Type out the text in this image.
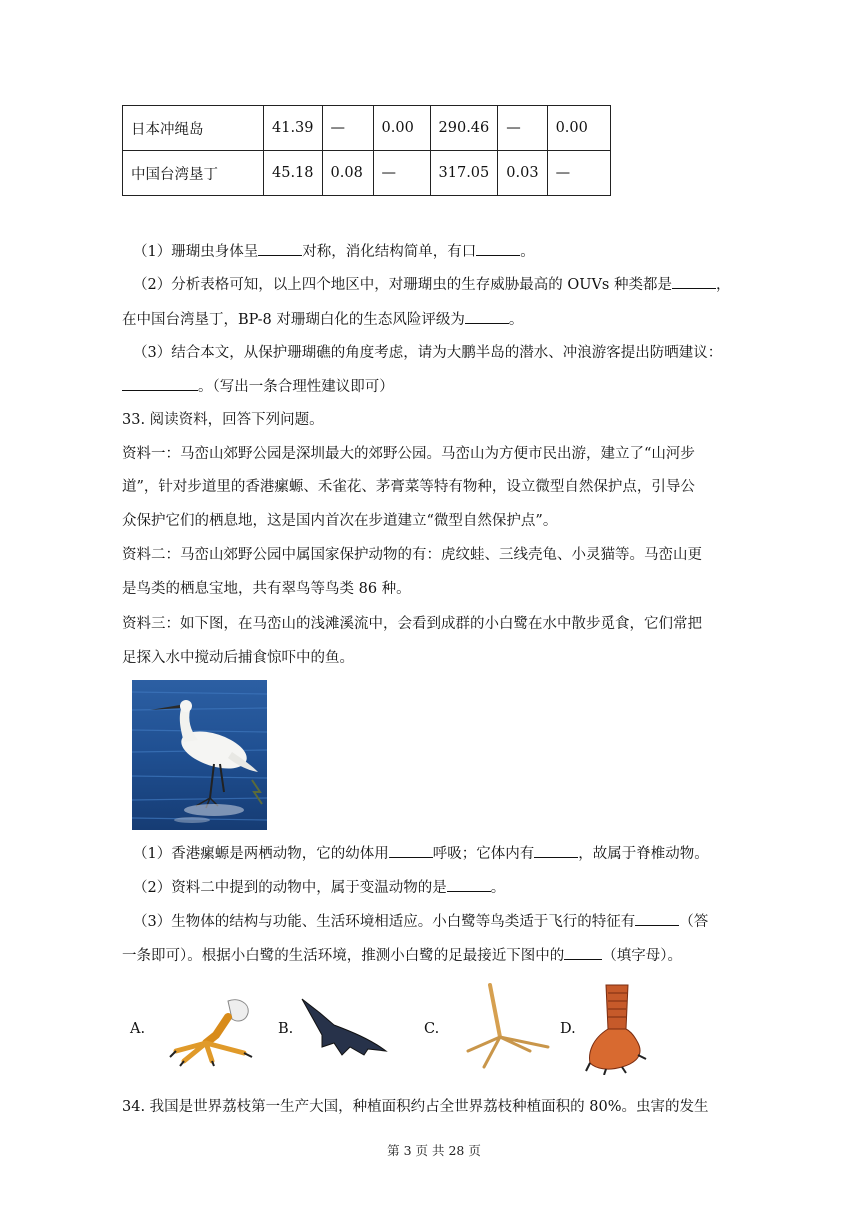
日本冲绳岛	41.39	—	0.00	290.46	—	0.00
中国台湾垦丁	45.18	0.08	—	317.05	0.03	—
（1）珊瑚虫身体呈	对称，消化结构简单，有口	。
（2）分析表格可知，以上四个地区中，对珊瑚虫的生存威胁最高的 OUVs 种类都是	，
在中国台湾垦丁，BP-8 对珊瑚白化的生态风险评级为	。
（3）结合本文，从保护珊瑚礁的角度考虑，请为大鹏半岛的潜水、冲浪游客提出防晒建议：
。（写出一条合理性建议即可）
33. 阅读资料，回答下列问题。
资料一：马峦山郊野公园是深圳最大的郊野公园。马峦山为方便市民出游，建立了“山河步
道”，针对步道里的香港瘰螈、禾雀花、茅膏菜等特有物种，设立微型自然保护点，引导公
众保护它们的栖息地，这是国内首次在步道建立“微型自然保护点”。
资料二：马峦山郊野公园中属国家保护动物的有：虎纹蛙、三线壳龟、小灵猫等。马峦山更
是鸟类的栖息宝地，共有翠鸟等鸟类 86 种。
资料三：如下图，在马峦山的浅滩溪流中，会看到成群的小白鹭在水中散步觅食，它们常把
足探入水中搅动后捕食惊吓中的鱼。
（1）香港瘰螈是两栖动物，它的幼体用	呼吸；它体内有	，故属于脊椎动物。
（2）资料二中提到的动物中，属于变温动物的是	。
（3）生物体的结构与功能、生活环境相适应。小白鹭等鸟类适于飞行的特征有	（答
一条即可）。根据小白鹭的生活环境，推测小白鹭的足最接近下图中的	（填字母）。
A.	B.	C.	D.
34. 我国是世界荔枝第一生产大国，种植面积约占全世界荔枝种植面积的 80%。虫害的发生
第 3 页 共 28 页
